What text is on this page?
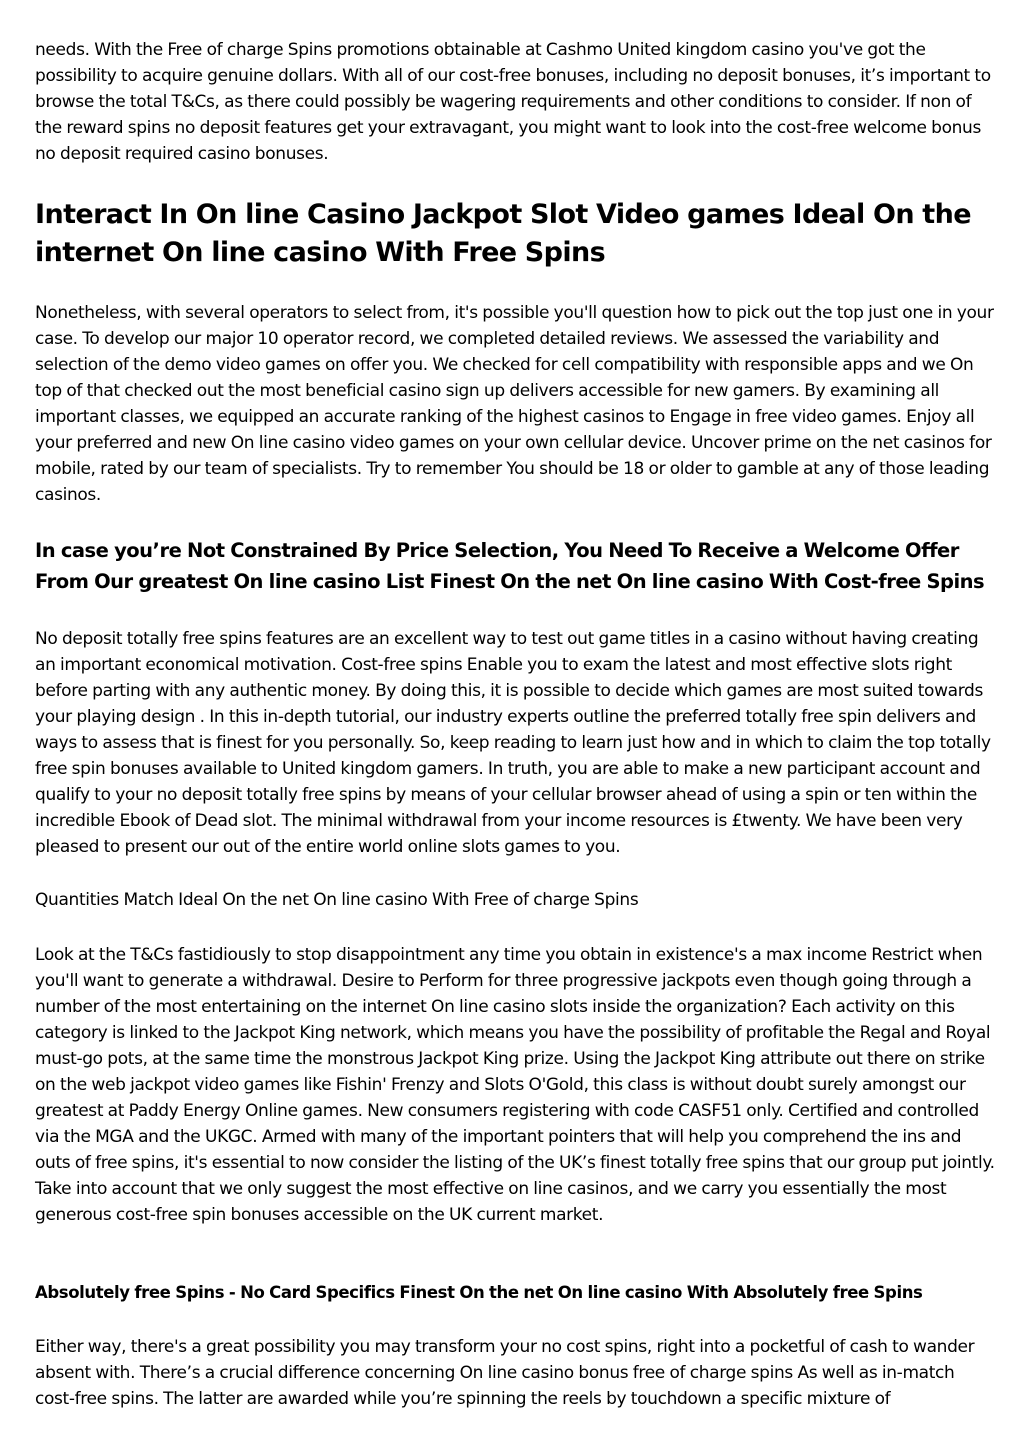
needs. With the Free of charge Spins promotions obtainable at Cashmo United kingdom casino you've got the possibility to acquire genuine dollars. With all of our cost-free bonuses, including no deposit bonuses, it’s important to browse the total T&Cs, as there could possibly be wagering requirements and other conditions to consider. If non of the reward spins no deposit features get your extravagant, you might want to look into the cost-free welcome bonus no deposit required casino bonuses.

Interact In On line Casino Jackpot Slot Video games Ideal On the internet On line casino With Free Spins

Nonetheless, with several operators to select from, it's possible you'll question how to pick out the top just one in your case. To develop our major 10 operator record, we completed detailed reviews. We assessed the variability and selection of the demo video games on offer you. We checked for cell compatibility with responsible apps and we On top of that checked out the most beneficial casino sign up delivers accessible for new gamers. By examining all important classes, we equipped an accurate ranking of the highest casinos to Engage in free video games. Enjoy all your preferred and new On line casino video games on your own cellular device. Uncover prime on the net casinos for mobile, rated by our team of specialists. Try to remember You should be 18 or older to gamble at any of those leading casinos.

In case you’re Not Constrained By Price Selection, You Need To Receive a Welcome Offer From Our greatest On line casino List Finest On the net On line casino With Cost-free Spins

No deposit totally free spins features are an excellent way to test out game titles in a casino without having creating an important economical motivation. Cost-free spins Enable you to exam the latest and most effective slots right before parting with any authentic money. By doing this, it is possible to decide which games are most suited towards your playing design . In this in-depth tutorial, our industry experts outline the preferred totally free spin delivers and ways to assess that is finest for you personally. So, keep reading to learn just how and in which to claim the top totally free spin bonuses available to United kingdom gamers. In truth, you are able to make a new participant account and qualify to your no deposit totally free spins by means of your cellular browser ahead of using a spin or ten within the incredible Ebook of Dead slot. The minimal withdrawal from your income resources is £twenty. We have been very pleased to present our out of the entire world online slots games to you.

Quantities Match Ideal On the net On line casino With Free of charge Spins

Look at the T&Cs fastidiously to stop disappointment any time you obtain in existence's a max income Restrict when you'll want to generate a withdrawal. Desire to Perform for three progressive jackpots even though going through a number of the most entertaining on the internet On line casino slots inside the organization? Each activity on this category is linked to the Jackpot King network, which means you have the possibility of profitable the Regal and Royal must-go pots, at the same time the monstrous Jackpot King prize. Using the Jackpot King attribute out there on strike on the web jackpot video games like Fishin' Frenzy and Slots O'Gold, this class is without doubt surely amongst our greatest at Paddy Energy Online games. New consumers registering with code CASF51 only. Certified and controlled via the MGA and the UKGC. Armed with many of the important pointers that will help you comprehend the ins and outs of free spins, it's essential to now consider the listing of the UK’s finest totally free spins that our group put jointly. Take into account that we only suggest the most effective on line casinos, and we carry you essentially the most generous cost-free spin bonuses accessible on the UK current market.

Absolutely free Spins - No Card Specifics Finest On the net On line casino With Absolutely free Spins

Either way, there's a great possibility you may transform your no cost spins, right into a pocketful of cash to wander absent with. There’s a crucial difference concerning On line casino bonus free of charge spins As well as in-match cost-free spins. The latter are awarded while you’re spinning the reels by touchdown a specific mixture of
